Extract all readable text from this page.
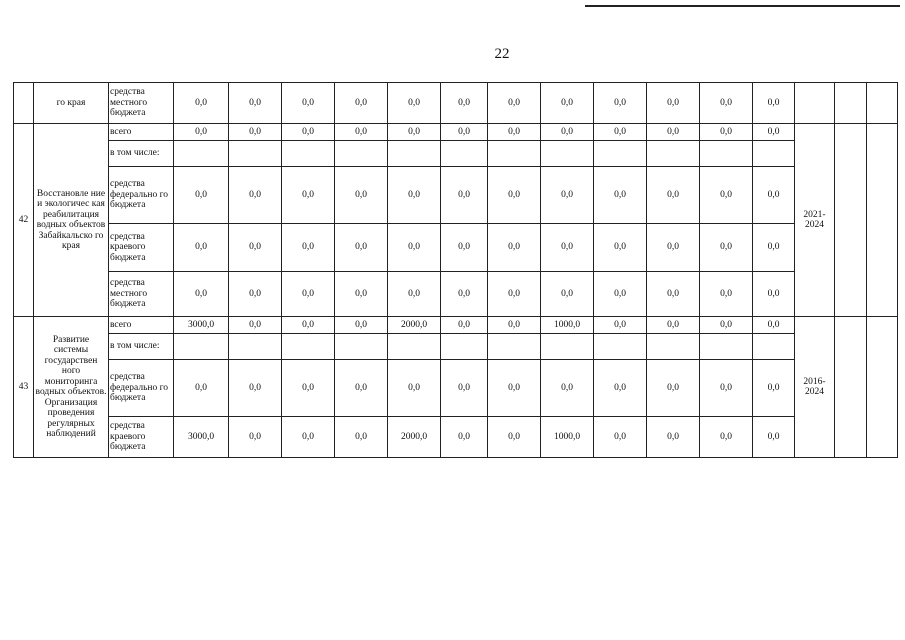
22
	го края	средства местного бюджета	0,0	0,0	0,0	0,0	0,0	0,0	0,0	0,0	0,0	0,0	0,0	0,0			
42	Восстановле ние и экологичес кая реабилитация водных объектов Забайкальско го края	всего	0,0	0,0	0,0	0,0	0,0	0,0	0,0	0,0	0,0	0,0	0,0	0,0	2021-2024		
		в том числе:															
		средства федерально го бюджета	0,0	0,0	0,0	0,0	0,0	0,0	0,0	0,0	0,0	0,0	0,0	0,0			
		средства краевого бюджета	0,0	0,0	0,0	0,0	0,0	0,0	0,0	0,0	0,0	0,0	0,0	0,0			
		средства местного бюджета	0,0	0,0	0,0	0,0	0,0	0,0	0,0	0,0	0,0	0,0	0,0	0,0			
43	Развитие системы государствен ного мониторинга водных объектов. Организация проведения регулярных наблюдений	всего	3000,0	0,0	0,0	0,0	2000,0	0,0	0,0	1000,0	0,0	0,0	0,0	0,0	2016-2024		
		в том числе:															
		средства федерально го бюджета	0,0	0,0	0,0	0,0	0,0	0,0	0,0	0,0	0,0	0,0	0,0	0,0			
		средства краевого бюджета	3000,0	0,0	0,0	0,0	2000,0	0,0	0,0	1000,0	0,0	0,0	0,0	0,0			
